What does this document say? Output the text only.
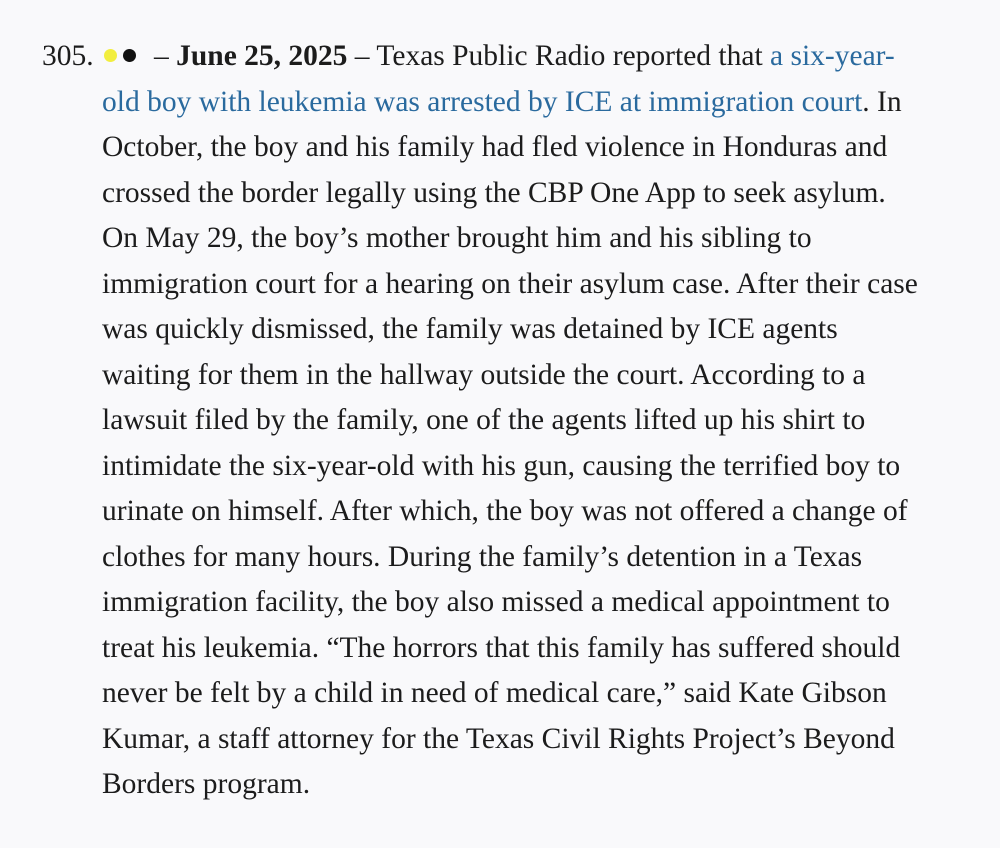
305.	– June 25, 2025 – Texas Public Radio reported that a six-year-old boy with leukemia was arrested by ICE at immigration court. In October, the boy and his family had fled violence in Honduras and crossed the border legally using the CBP One App to seek asylum. On May 29, the boy’s mother brought him and his sibling to immigration court for a hearing on their asylum case. After their case was quickly dismissed, the family was detained by ICE agents waiting for them in the hallway outside the court. According to a lawsuit filed by the family, one of the agents lifted up his shirt to intimidate the six-year-old with his gun, causing the terrified boy to urinate on himself. After which, the boy was not offered a change of clothes for many hours. During the family’s detention in a Texas immigration facility, the boy also missed a medical appointment to treat his leukemia. “The horrors that this family has suffered should never be felt by a child in need of medical care,” said Kate Gibson Kumar, a staff attorney for the Texas Civil Rights Project’s Beyond Borders program.
